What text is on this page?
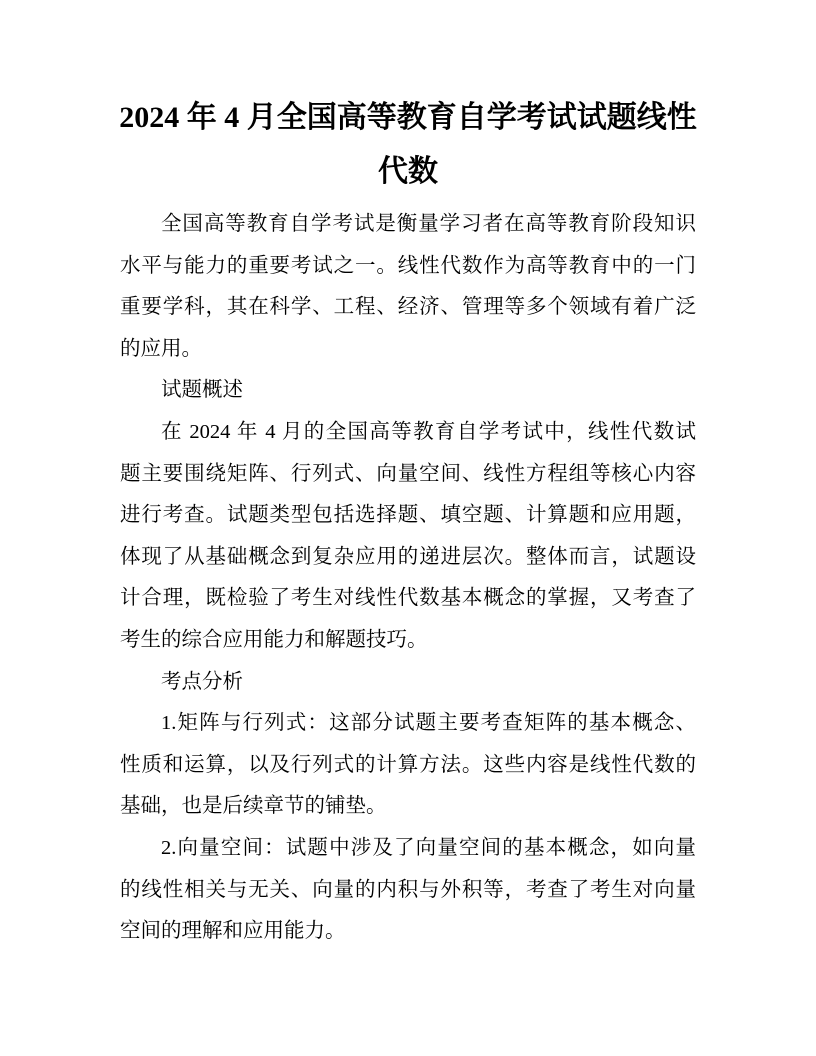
2024 年 4 月全国高等教育自学考试试题线性
代数
全国高等教育自学考试是衡量学习者在高等教育阶段知识
水平与能力的重要考试之一。线性代数作为高等教育中的一门
重要学科，其在科学、工程、经济、管理等多个领域有着广泛
的应用。
试题概述
在 2024 年 4 月的全国高等教育自学考试中，线性代数试
题主要围绕矩阵、行列式、向量空间、线性方程组等核心内容
进行考查。试题类型包括选择题、填空题、计算题和应用题，
体现了从基础概念到复杂应用的递进层次。整体而言，试题设
计合理，既检验了考生对线性代数基本概念的掌握，又考查了
考生的综合应用能力和解题技巧。
考点分析
1.矩阵与行列式：这部分试题主要考查矩阵的基本概念、
性质和运算，以及行列式的计算方法。这些内容是线性代数的
基础，也是后续章节的铺垫。
2.向量空间：试题中涉及了向量空间的基本概念，如向量
的线性相关与无关、向量的内积与外积等，考查了考生对向量
空间的理解和应用能力。
